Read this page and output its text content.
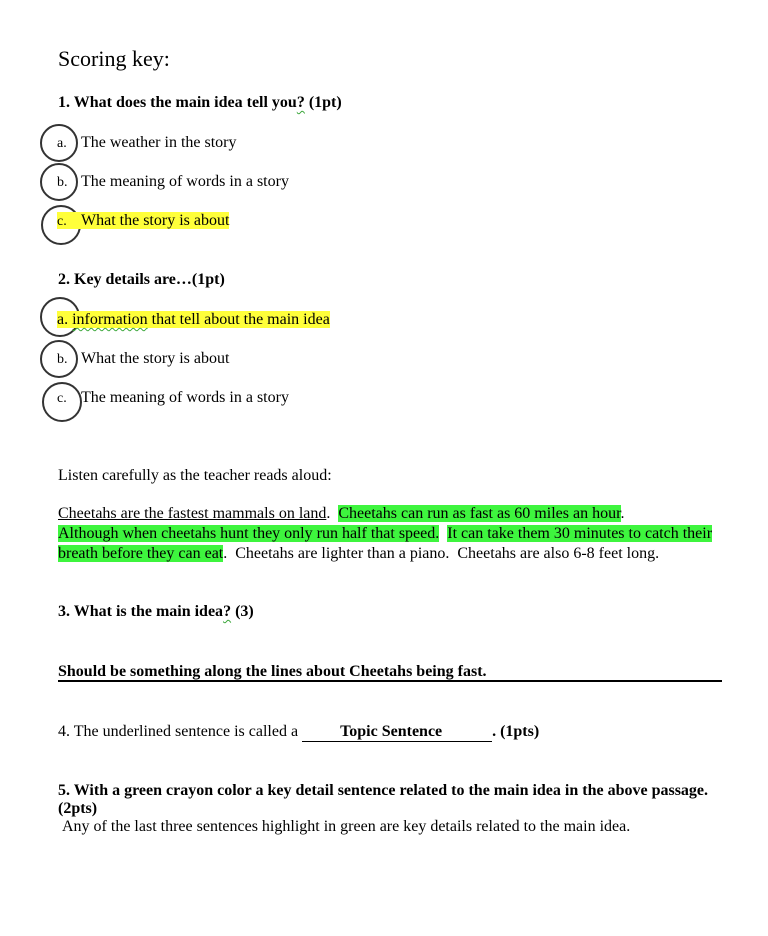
Scoring key:
1. What does the main idea tell you? (1pt)
a. The weather in the story
b. The meaning of words in a story
c. What the story is about
2. Key details are…(1pt)
a. information that tell about the main idea
b. What the story is about
c. The meaning of words in a story
Listen carefully as the teacher reads aloud:
Cheetahs are the fastest mammals on land. Cheetahs can run as fast as 60 miles an hour.
Although when cheetahs hunt they only run half that speed. It can take them 30 minutes to catch their breath before they can eat. Cheetahs are lighter than a piano. Cheetahs are also 6-8 feet long.
3. What is the main idea? (3)
Should be something along the lines about Cheetahs being fast.
4. The underlined sentence is called a	Topic Sentence	. (1pts)
5. With a green crayon color a key detail sentence related to the main idea in the above passage. (2pts)
Any of the last three sentences highlight in green are key details related to the main idea.
